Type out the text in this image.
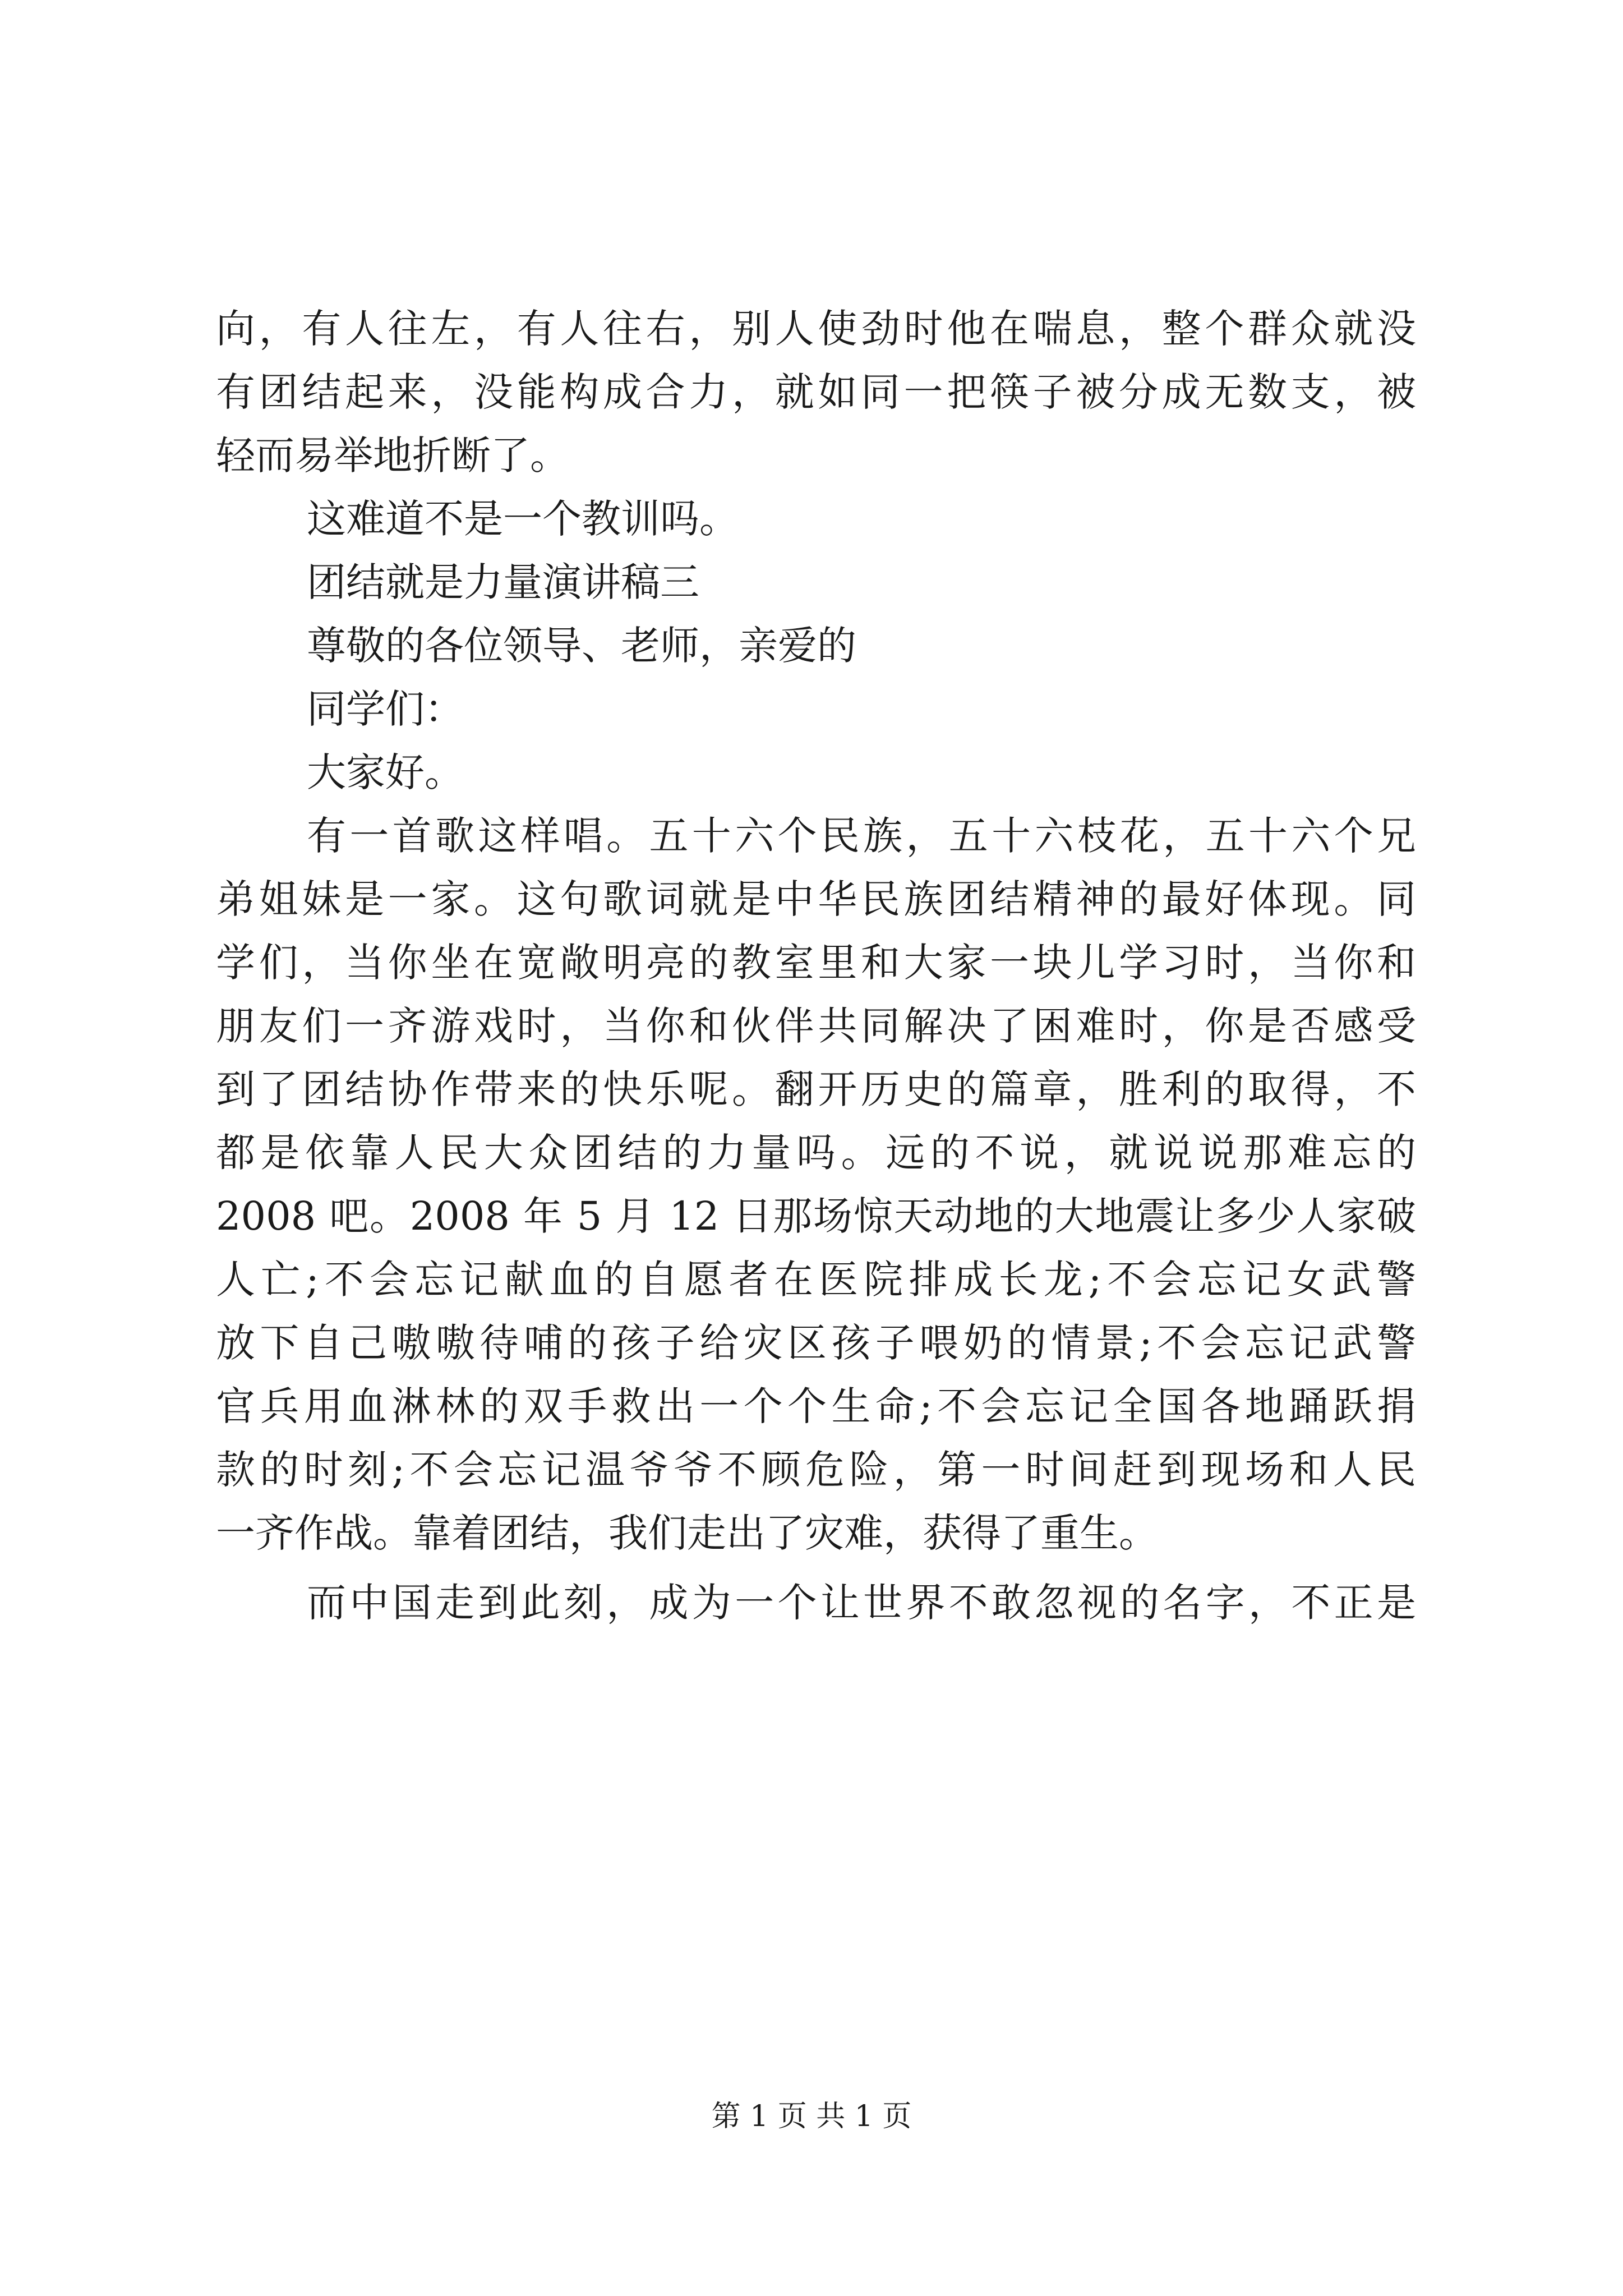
向，有人往左，有人往右，别人使劲时他在喘息，整个群众就没
有团结起来，没能构成合力，就如同一把筷子被分成无数支，被
轻而易举地折断了。
这难道不是一个教训吗。
团结就是力量演讲稿三
尊敬的各位领导、老师，亲爱的
同学们：
大家好。
有一首歌这样唱。五十六个民族，五十六枝花，五十六个兄
弟姐妹是一家。这句歌词就是中华民族团结精神的最好体现。同
学们，当你坐在宽敞明亮的教室里和大家一块儿学习时，当你和
朋友们一齐游戏时，当你和伙伴共同解决了困难时，你是否感受
到了团结协作带来的快乐呢。翻开历史的篇章，胜利的取得，不
都是依靠人民大众团结的力量吗。远的不说，就说说那难忘的
2008 吧。2008 年 5 月 12 日那场惊天动地的大地震让多少人家破
人亡;不会忘记献血的自愿者在医院排成长龙;不会忘记女武警
放下自己嗷嗷待哺的孩子给灾区孩子喂奶的情景;不会忘记武警
官兵用血淋林的双手救出一个个生命;不会忘记全国各地踊跃捐
款的时刻;不会忘记温爷爷不顾危险，第一时间赶到现场和人民
一齐作战。靠着团结，我们走出了灾难，获得了重生。
而中国走到此刻，成为一个让世界不敢忽视的名字，不正是
第 1 页 共 1 页
